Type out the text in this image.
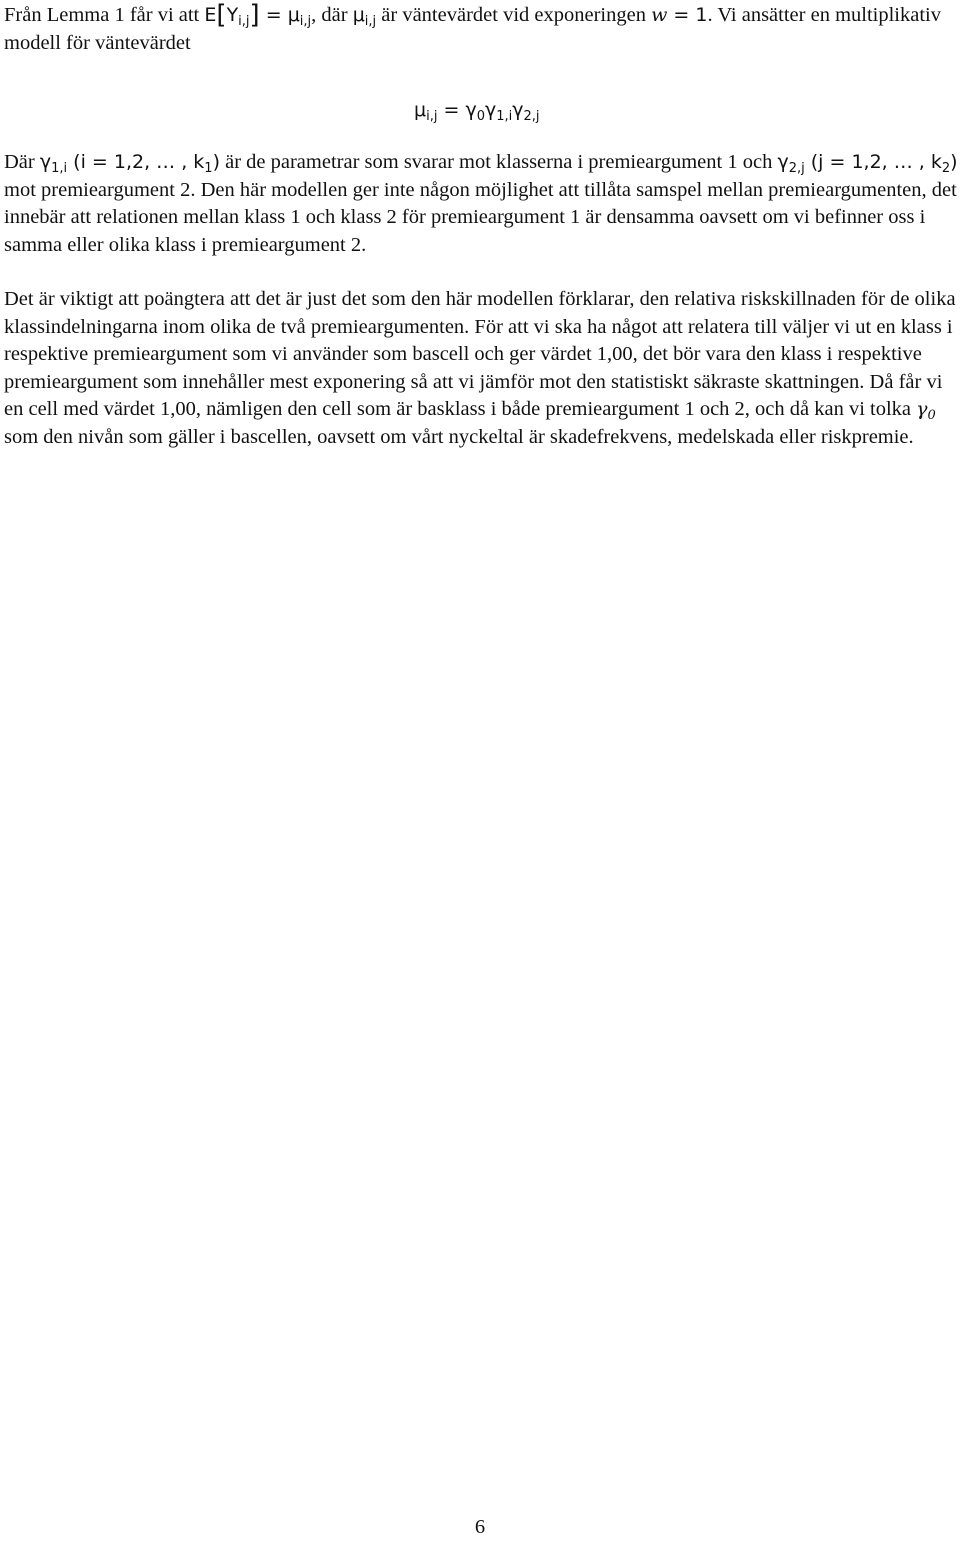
Från Lemma 1 får vi att $E[Y_{i,j}] = \mu_{i,j}$, där $\mu_{i,j}$ är väntevärdet vid exponeringen w = 1. Vi ansätter en multiplikativ modell för väntevärdet

$\mu_{i,j} = \gamma_0\gamma_{1,i}\gamma_{2,j}$

Där $\gamma_{1,i}$ (i = 1,2, … , $k_1$) är de parametrar som svarar mot klasserna i premieargument 1 och $\gamma_{2,j}$ (j = 1,2, … , $k_2$) mot premieargument 2. Den här modellen ger inte någon möjlighet att tillåta samspel mellan premieargumenten, det innebär att relationen mellan klass 1 och klass 2 för premieargument 1 är densamma oavsett om vi befinner oss i samma eller olika klass i premieargument 2.

Det är viktigt att poängtera att det är just det som den här modellen förklarar, den relativa riskskillnaden för de olika klassindelningarna inom olika de två premieargumenten. För att vi ska ha något att relatera till väljer vi ut en klass i respektive premieargument som vi använder som bascell och ger värdet 1,00, det bör vara den klass i respektive premieargument som innehåller mest exponering så att vi jämför mot den statistiskt säkraste skattningen. Då får vi en cell med värdet 1,00, nämligen den cell som är basklass i både premieargument 1 och 2, och då kan vi tolka $\gamma_0$ som den nivån som gäller i bascellen, oavsett om vårt nyckeltal är skadefrekvens, medelskada eller riskpremie.

6
